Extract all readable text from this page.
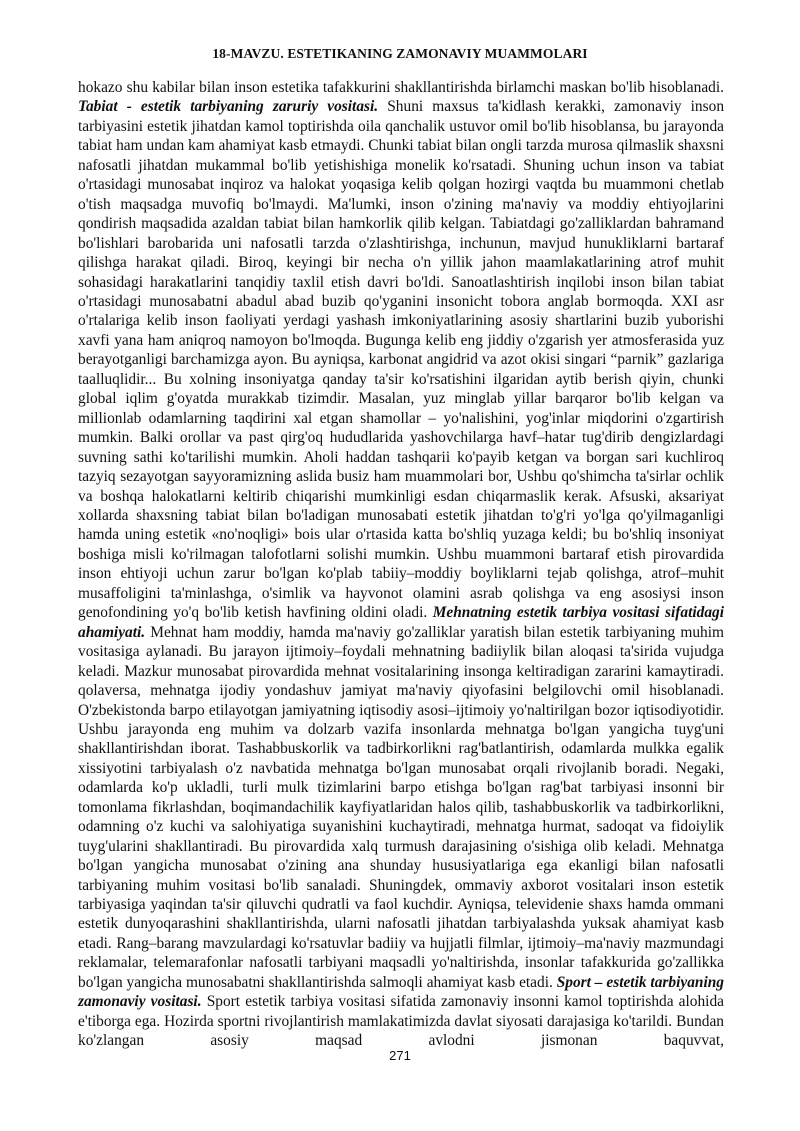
18-MAVZU. ESTETIKANING ZAMONAVIY MUAMMOLARI
hokazo shu kabilar bilan inson estetika tafakkurini shakllantirishda birlamchi maskan bo'lib hisoblanadi. Tabiat - estetik tarbiyaning zaruriy vositasi. Shuni maxsus ta'kidlash kerakki, zamonaviy inson tarbiyasini estetik jihatdan kamol toptirishda oila qanchalik ustuvor omil bo'lib hisoblansa, bu jarayonda tabiat ham undan kam ahamiyat kasb etmaydi. Chunki tabiat bilan ongli tarzda murosa qilmaslik shaxsni nafosatli jihatdan mukammal bo'lib yetishishiga monelik ko'rsatadi. Shuning uchun inson va tabiat o'rtasidagi munosabat inqiroz va halokat yoqasiga kelib qolgan hozirgi vaqtda bu muammoni chetlab o'tish maqsadga muvofiq bo'lmaydi. Ma'lumki, inson o'zining ma'naviy va moddiy ehtiyojlarini qondirish maqsadida azaldan tabiat bilan hamkorlik qilib kelgan. Tabiatdagi go'zalliklardan bahramand bo'lishlari barobarida uni nafosatli tarzda o'zlashtirishga, inchunun, mavjud hunukliklarni bartaraf qilishga harakat qiladi. Biroq, keyingi bir necha o'n yillik jahon maamlakatlarining atrof muhit sohasidagi harakatlarini tanqidiy taxlil etish davri bo'ldi. Sanoatlashtirish inqilobi inson bilan tabiat o'rtasidagi munosabatni abadul abad buzib qo'yganini insonicht tobora anglab bormoqda. XXI asr o'rtalariga kelib inson faoliyati yerdagi yashash imkoniyatlarining asosiy shartlarini buzib yuborishi xavfi yana ham aniqroq namoyon bo'lmoqda. Bugunga kelib eng jiddiy o'zgarish yer atmosferasida yuz berayotganligi barchamizga ayon. Bu ayniqsa, karbonat angidrid va azot okisi singari “parnik” gazlariga taalluqlidir... Bu xolning insoniyatga qanday ta'sir ko'rsatishini ilgaridan aytib berish qiyin, chunki global iqlim g'oyatda murakkab tizimdir. Masalan, yuz minglab yillar barqaror bo'lib kelgan va millionlab odamlarning taqdirini xal etgan shamollar – yo'nalishini, yog'inlar miqdorini o'zgartirish mumkin. Balki orollar va past qirg'oq hududlarida yashovchilarga havf–hatar tug'dirib dengizlardagi suvning sathi ko'tarilishi mumkin. Aholi haddan tashqarii ko'payib ketgan va borgan sari kuchliroq tazyiq sezayotgan sayyoramizning aslida busiz ham muammolari bor, Ushbu qo'shimcha ta'sirlar ochlik va boshqa halokatlarni keltirib chiqarishi mumkinligi esdan chiqarmaslik kerak. Afsuski, aksariyat xollarda shaxsning tabiat bilan bo'ladigan munosabati estetik jihatdan to'g'ri yo'lga qo'yilmaganligi hamda uning estetik «no'noqligi» bois ular o'rtasida katta bo'shliq yuzaga keldi; bu bo'shliq insoniyat boshiga misli ko'rilmagan talofotlarni solishi mumkin. Ushbu muammoni bartaraf etish pirovardida inson ehtiyoji uchun zarur bo'lgan ko'plab tabiiy–moddiy boyliklarni tejab qolishga, atrof–muhit musaffoligini ta'minlashga, o'simlik va hayvonot olamini asrab qolishga va eng asosiysi inson genofondining yo'q bo'lib ketish havfining oldini oladi. Mehnatning estetik tarbiya vositasi sifatidagi ahamiyati. Mehnat ham moddiy, hamda ma'naviy go'zalliklar yaratish bilan estetik tarbiyaning muhim vositasiga aylanadi. Bu jarayon ijtimoiy–foydali mehnatning badiiylik bilan aloqasi ta'sirida vujudga keladi. Mazkur munosabat pirovardida mehnat vositalarining insonga keltiradigan zararini kamaytiradi. qolaversa, mehnatga ijodiy yondashuv jamiyat ma'naviy qiyofasini belgilovchi omil hisoblanadi. O'zbekistonda barpo etilayotgan jamiyatning iqtisodiy asosi–ijtimoiy yo'naltirilgan bozor iqtisodiyotidir. Ushbu jarayonda eng muhim va dolzarb vazifa insonlarda mehnatga bo'lgan yangicha tuyg'uni shakllantirishdan iborat. Tashabbuskorlik va tadbirkorlikni rag'batlantirish, odamlarda mulkka egalik xissiyotini tarbiyalash o'z navbatida mehnatga bo'lgan munosabat orqali rivojlanib boradi. Negaki, odamlarda ko'p ukladli, turli mulk tizimlarini barpo etishga bo'lgan rag'bat tarbiyasi insonni bir tomonlama fikrlashdan, boqimandachilik kayfiyatlaridan halos qilib, tashabbuskorlik va tadbirkorlikni, odamning o'z kuchi va salohiyatiga suyanishini kuchaytiradi, mehnatga hurmat, sadoqat va fidoiylik tuyg'ularini shakllantiradi. Bu pirovardida xalq turmush darajasining o'sishiga olib keladi. Mehnatga bo'lgan yangicha munosabat o'zining ana shunday hususiyatlariga ega ekanligi bilan nafosatli tarbiyaning muhim vositasi bo'lib sanaladi. Shuningdek, ommaviy axborot vositalari inson estetik tarbiyasiga yaqindan ta'sir qiluvchi qudratli va faol kuchdir. Ayniqsa, televidenie shaxs hamda ommani estetik dunyoqarashini shakllantirishda, ularni nafosatli jihatdan tarbiyalashda yuksak ahamiyat kasb etadi. Rang–barang mavzulardagi ko'rsatuvlar badiiy va hujjatli filmlar, ijtimoiy–ma'naviy mazmundagi reklamalar, telemarafonlar nafosatli tarbiyani maqsadli yo'naltirishda, insonlar tafakkurida go'zallikka bo'lgan yangicha munosabatni shakllantirishda salmoqli ahamiyat kasb etadi. Sport – estetik tarbiyaning zamonaviy vositasi. Sport estetik tarbiya vositasi sifatida zamonaviy insonni kamol toptirishda alohida e'tiborga ega. Hozirda sportni rivojlantirish mamlakatimizda davlat siyosati darajasiga ko'tarildi. Bundan ko'zlangan asosiy maqsad avlodni jismonan baquvvat,
271
